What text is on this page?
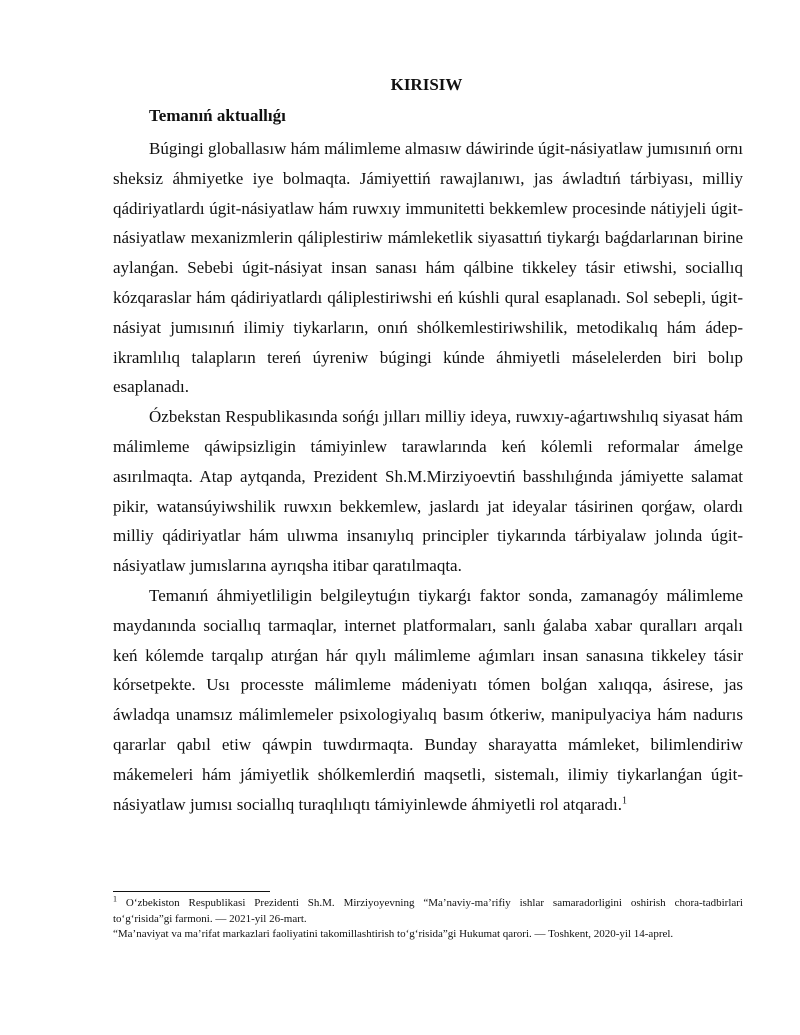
KIRISIW
Temanıń aktuallıǵı

Búgingi globallasıw hám málimleme almasıw dáwirinde úgit-násiyatlaw jumısınıń ornı sheksiz áhmiyetke iye bolmaqta. Jámiyettiń rawajlanıwı, jas áwladtıń tárbiyası, milliy qádiriyatlardı úgit-násiyatlaw hám ruwxıy immunitetti bekkemlew procesinde nátiyjeli úgit-násiyatlaw mexanizmlerin qáliplestiriw mámleketlik siyasattıń tiykarǵı baǵdarlarınan birine aylanǵan. Sebebi úgit-násiyat insan sanası hám qálbine tikkeley tásir etiwshi, sociallıq kózqaraslar hám qádiriyatlardı qáliplestiriwshi eń kúshli qural esaplanadı. Sol sebepli, úgit-násiyat jumısınıń ilimiy tiykarların, onıń shólkemlestiriwshilik, metodikalıq hám ádep-ikramlılıq talapların tereń úyreniw búgingi kúnde áhmiyetli máselelerden biri bolıp esaplanadı.

Ózbekstan Respublikasında sońǵı jılları milliy ideya, ruwxıy-aǵartıwshılıq siyasat hám málimleme qáwipsizligin támiyinlew tarawlarında keń kólemli reformalar ámelge asırılmaqta. Atap aytqanda, Prezident Sh.M.Mirziyoevtiń basshılıǵında jámiyette salamat pikir, watansúyiwshilik ruwxın bekkemlew, jaslardı jat ideyalar tásirinen qorǵaw, olardı milliy qádiriyatlar hám ulıwma insanıylıq principler tiykarında tárbiyalaw jolında úgit-násiyatlaw jumıslarına ayrıqsha itibar qaratılmaqta.

Temanıń áhmiyetliligin belgileytuǵın tiykarǵı faktor sonda, zamanagóy málimleme maydanında sociallıq tarmaqlar, internet platformaları, sanlı ǵalaba xabar quralları arqalı keń kólemde tarqalıp atırǵan hár qıylı málimleme aǵımları insan sanasına tikkeley tásir kórsetpekte. Usı processte málimleme mádeniyatı tómen bolǵan xalıqqa, ásirese, jas áwladqa unamsız málimlemeler psixologiyalıq basım ótkeriw, manipulyaciya hám nadurıs qararlar qabıl etiw qáwpin tuwdırmaqta. Bunday sharayatta mámleket, bilimlendiriw mákemeleri hám jámiyetlik shólkemlerdiń maqsetli, sistemalı, ilimiy tiykarlanǵan úgit-násiyatlaw jumısı sociallıq turaqlılıqtı támiyinlewde áhmiyetli rol atqaradı.$^1$

$^1$ O‘zbekiston Respublikasi Prezidenti Sh.M. Mirziyoyevning “Ma’naviy-ma’rifiy ishlar samaradorligini oshirish chora-tadbirlari to‘g‘risida”gi farmoni. — 2021-yil 26-mart.

“Ma’naviyat va ma’rifat markazlari faoliyatini takomillashtirish to‘g‘risida”gi Hukumat qarori. — Toshkent, 2020-yil 14-aprel.
